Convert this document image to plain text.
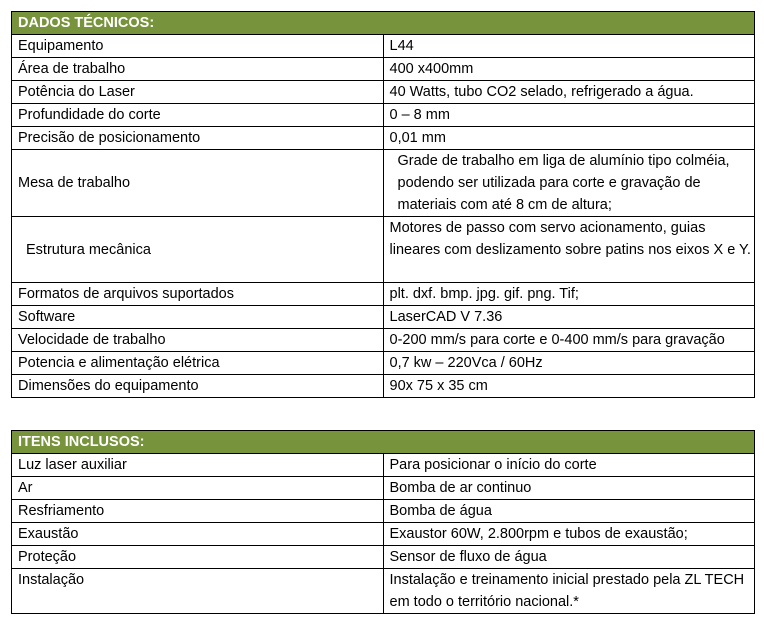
DADOS TÉCNICOS:	
Equipamento	L44
Área de trabalho	400 x400mm
Potência do Laser	40 Watts, tubo CO2 selado, refrigerado a água.
Profundidade do corte	0 – 8 mm
Precisão de posicionamento	0,01 mm
Mesa de trabalho	Grade de trabalho em liga de alumínio tipo colméia, podendo ser utilizada para corte e gravação de materiais com até 8 cm de altura;
Estrutura mecânica	Motores de passo com servo acionamento, guias lineares com deslizamento sobre patins nos eixos X e Y.
Formatos de arquivos suportados	plt. dxf. bmp. jpg. gif. png. Tif;
Software	LaserCAD V 7.36
Velocidade de trabalho	0-200 mm/s para corte e 0-400 mm/s para gravação
Potencia e alimentação elétrica	0,7 kw – 220Vca / 60Hz
Dimensões do equipamento	90x 75 x 35 cm
ITENS INCLUSOS:	
Luz laser auxiliar	Para posicionar o início do corte
Ar	Bomba de ar continuo
Resfriamento	Bomba de água
Exaustão	Exaustor 60W, 2.800rpm e tubos de exaustão;
Proteção	Sensor de fluxo de água
Instalação	Instalação e treinamento inicial prestado pela ZL TECH em todo o território nacional.*
